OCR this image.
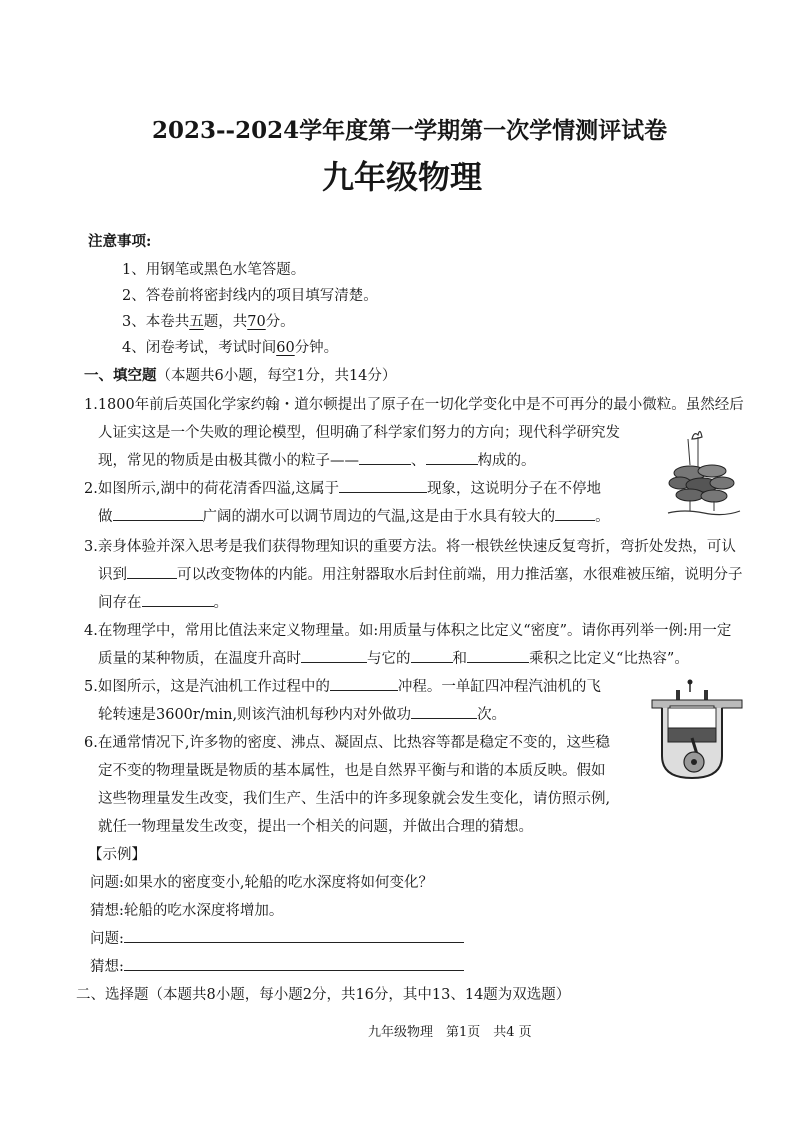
2023--2024学年度第一学期第一次学情测评试卷
九年级物理
注意事项:
1、用钢笔或黑色水笔答题。
2、答卷前将密封线内的项目填写清楚。
3、本卷共五题，共70分。
4、闭卷考试，考试时间60分钟。
一、填空题（本题共6小题，每空1分，共14分）
1.1800年前后英国化学家约翰・道尔顿提出了原子在一切化学变化中是不可再分的最小微粒。虽然经后
人证实这是一个失败的理论模型，但明确了科学家们努力的方向；现代科学研究发
现，常见的物质是由极其微小的粒子——	、	构成的。
2.如图所示,湖中的荷花清香四溢,这属于	现象，这说明分子在不停地
做	广阔的湖水可以调节周边的气温,这是由于水具有较大的	。
3.亲身体验并深入思考是我们获得物理知识的重要方法。将一根铁丝快速反复弯折，弯折处发热，可认
识到	可以改变物体的内能。用注射器取水后封住前端，用力推活塞，水很难被压缩，说明分子
间存在	。
4.在物理学中，常用比值法来定义物理量。如:用质量与体积之比定义“密度”。请你再列举一例:用一定
质量的某种物质，在温度升高时	与它的	和	乘积之比定义“比热容”。
5.如图所示，这是汽油机工作过程中的	冲程。一单缸四冲程汽油机的飞
轮转速是3600r/min,则该汽油机每秒内对外做功	次。
6.在通常情况下,许多物的密度、沸点、凝固点、比热容等都是稳定不变的，这些稳
定不变的物理量既是物质的基本属性，也是自然界平衡与和谐的本质反映。假如
这些物理量发生改变，我们生产、生活中的许多现象就会发生变化，请仿照示例,
就任一物理量发生改变，提出一个相关的问题，并做出合理的猜想。
【示例】
问题:如果水的密度变小,轮船的吃水深度将如何变化？
猜想:轮船的吃水深度将增加。
问题:
猜想:
二、选择题（本题共8小题，每小题2分，共16分，其中13、14题为双选题）
九年级物理　第1页　共4 页
